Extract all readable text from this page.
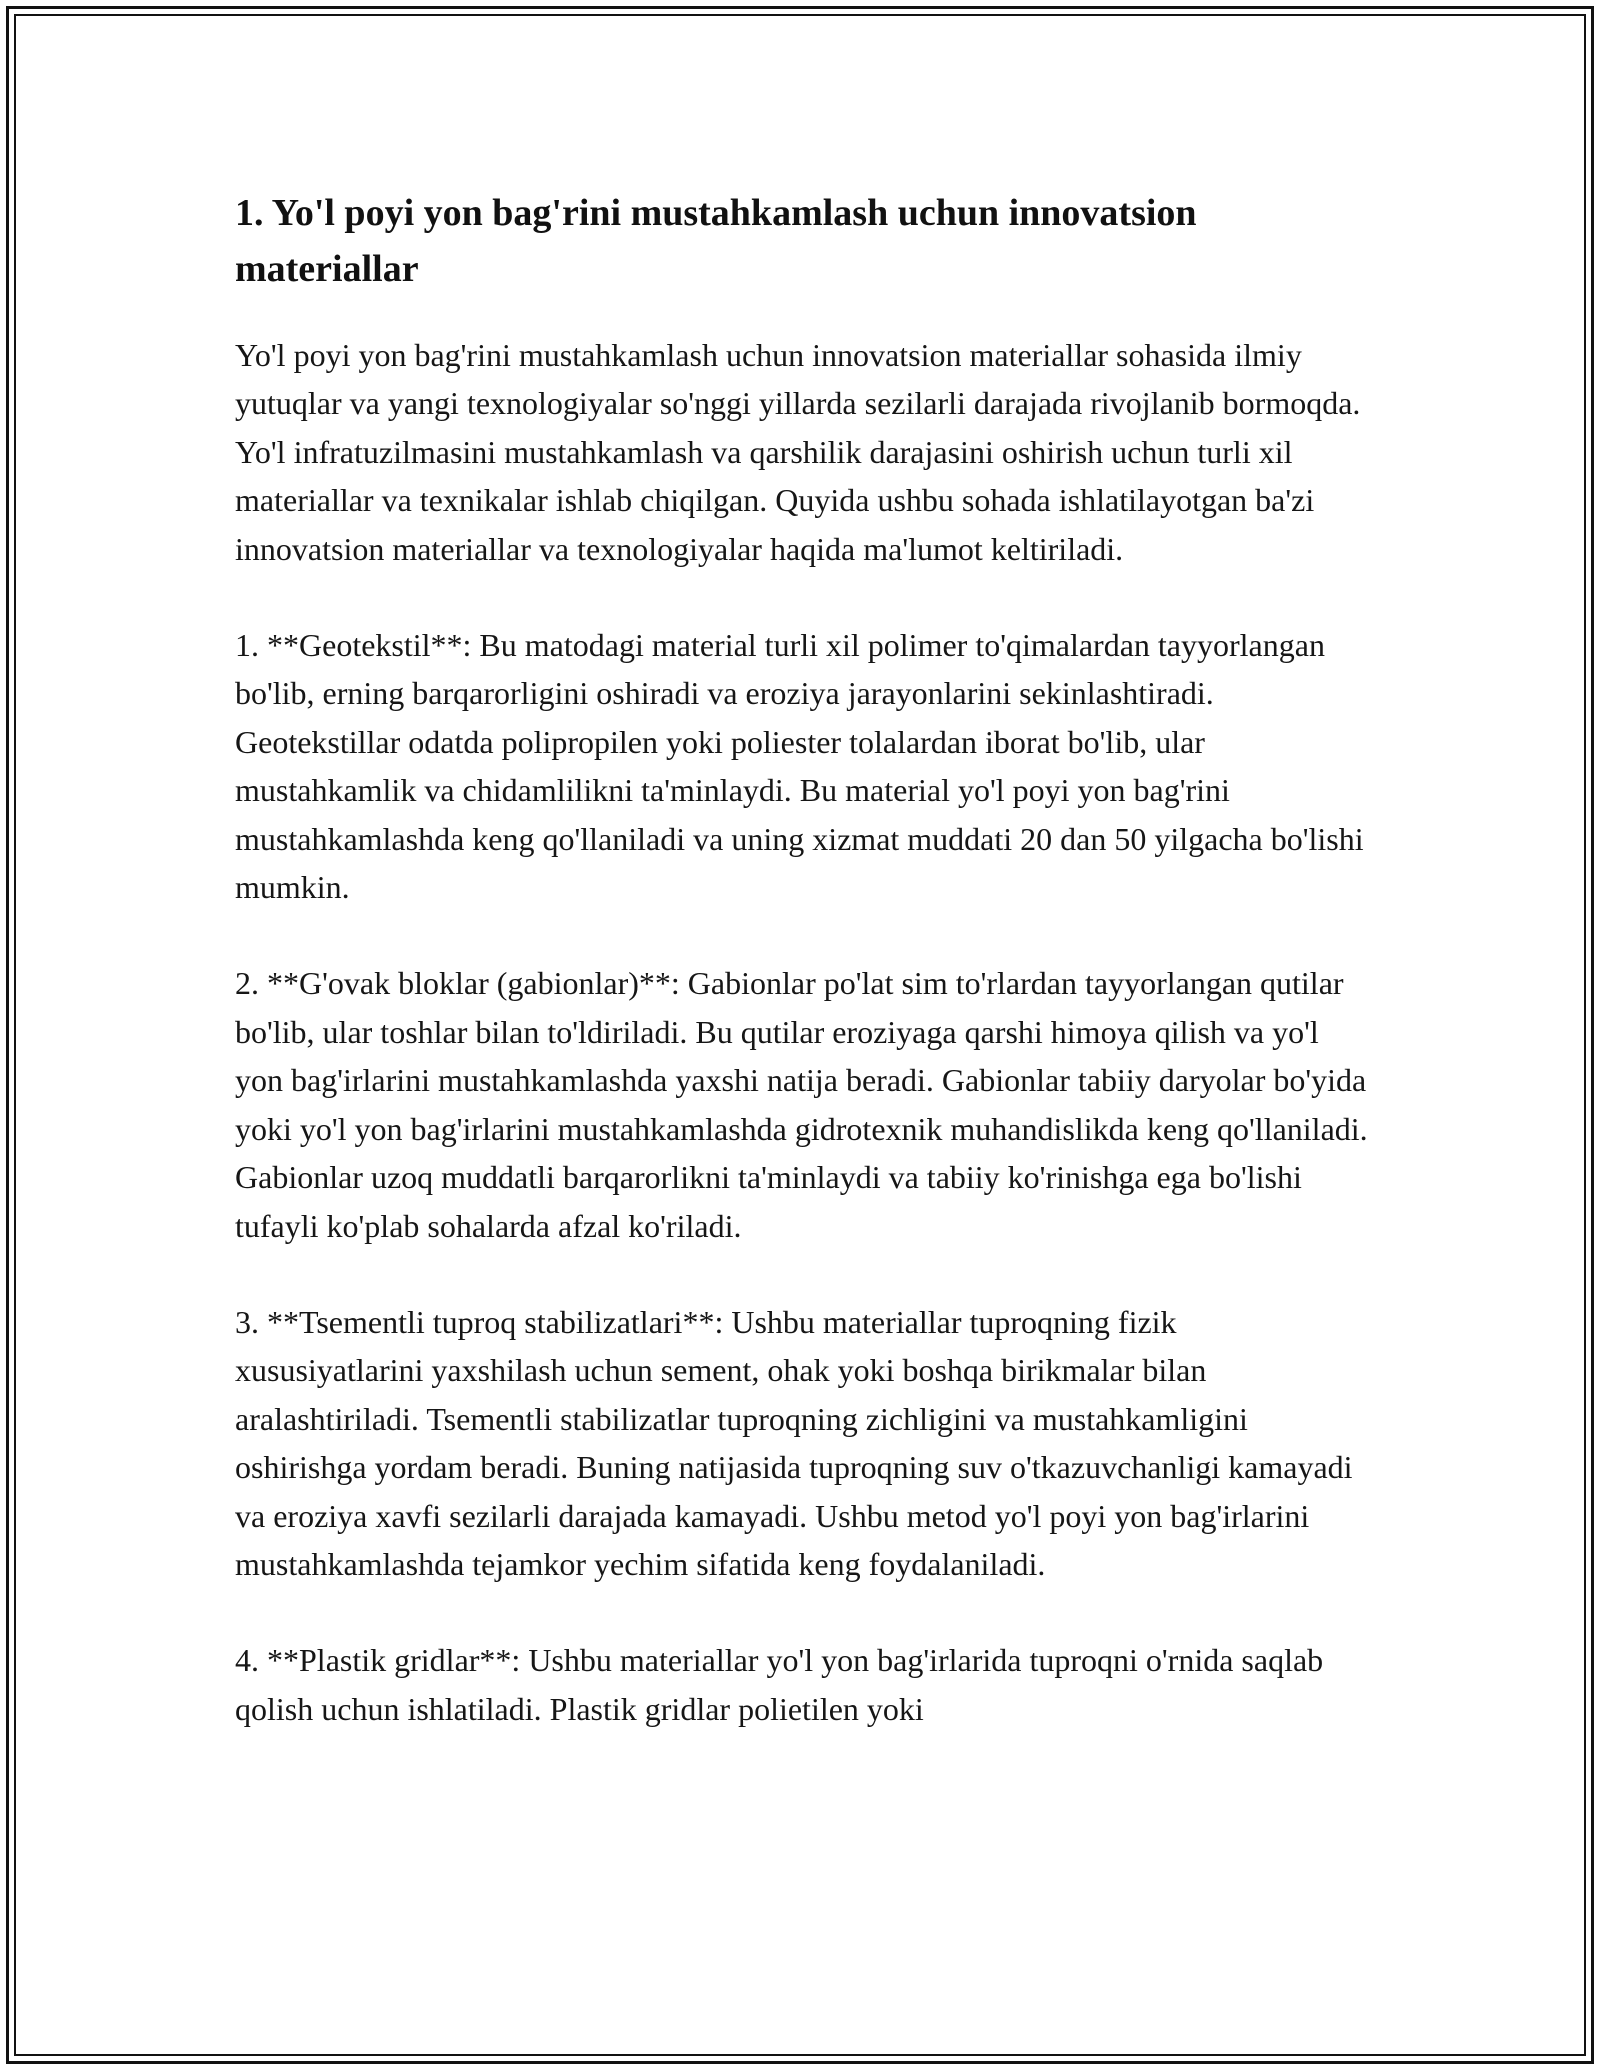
1. Yo'l poyi yon bag'rini mustahkamlash uchun innovatsion materiallar

Yo'l poyi yon bag'rini mustahkamlash uchun innovatsion materiallar sohasida ilmiy yutuqlar va yangi texnologiyalar so'nggi yillarda sezilarli darajada rivojlanib bormoqda. Yo'l infratuzilmasini mustahkamlash va qarshilik darajasini oshirish uchun turli xil materiallar va texnikalar ishlab chiqilgan. Quyida ushbu sohada ishlatilayotgan ba'zi innovatsion materiallar va texnologiyalar haqida ma'lumot keltiriladi.

1. **Geotekstil**: Bu matodagi material turli xil polimer to'qimalardan tayyorlangan bo'lib, erning barqarorligini oshiradi va eroziya jarayonlarini sekinlashtiradi. Geotekstillar odatda polipropilen yoki poliester tolalardan iborat bo'lib, ular mustahkamlik va chidamlilikni ta'minlaydi. Bu material yo'l poyi yon bag'rini mustahkamlashda keng qo'llaniladi va uning xizmat muddati 20 dan 50 yilgacha bo'lishi mumkin.

2. **G'ovak bloklar (gabionlar)**: Gabionlar po'lat sim to'rlardan tayyorlangan qutilar bo'lib, ular toshlar bilan to'ldiriladi. Bu qutilar eroziyaga qarshi himoya qilish va yo'l yon bag'irlarini mustahkamlashda yaxshi natija beradi. Gabionlar tabiiy daryolar bo'yida yoki yo'l yon bag'irlarini mustahkamlashda gidrotexnik muhandislikda keng qo'llaniladi. Gabionlar uzoq muddatli barqarorlikni ta'minlaydi va tabiiy ko'rinishga ega bo'lishi tufayli ko'plab sohalarda afzal ko'riladi.

3. **Tsementli tuproq stabilizatlari**: Ushbu materiallar tuproqning fizik xususiyatlarini yaxshilash uchun sement, ohak yoki boshqa birikmalar bilan aralashtiriladi. Tsementli stabilizatlar tuproqning zichligini va mustahkamligini oshirishga yordam beradi. Buning natijasida tuproqning suv o'tkazuvchanligi kamayadi va eroziya xavfi sezilarli darajada kamayadi. Ushbu metod yo'l poyi yon bag'irlarini mustahkamlashda tejamkor yechim sifatida keng foydalaniladi.

4. **Plastik gridlar**: Ushbu materiallar yo'l yon bag'irlarida tuproqni o'rnida saqlab qolish uchun ishlatiladi. Plastik gridlar polietilen yoki
